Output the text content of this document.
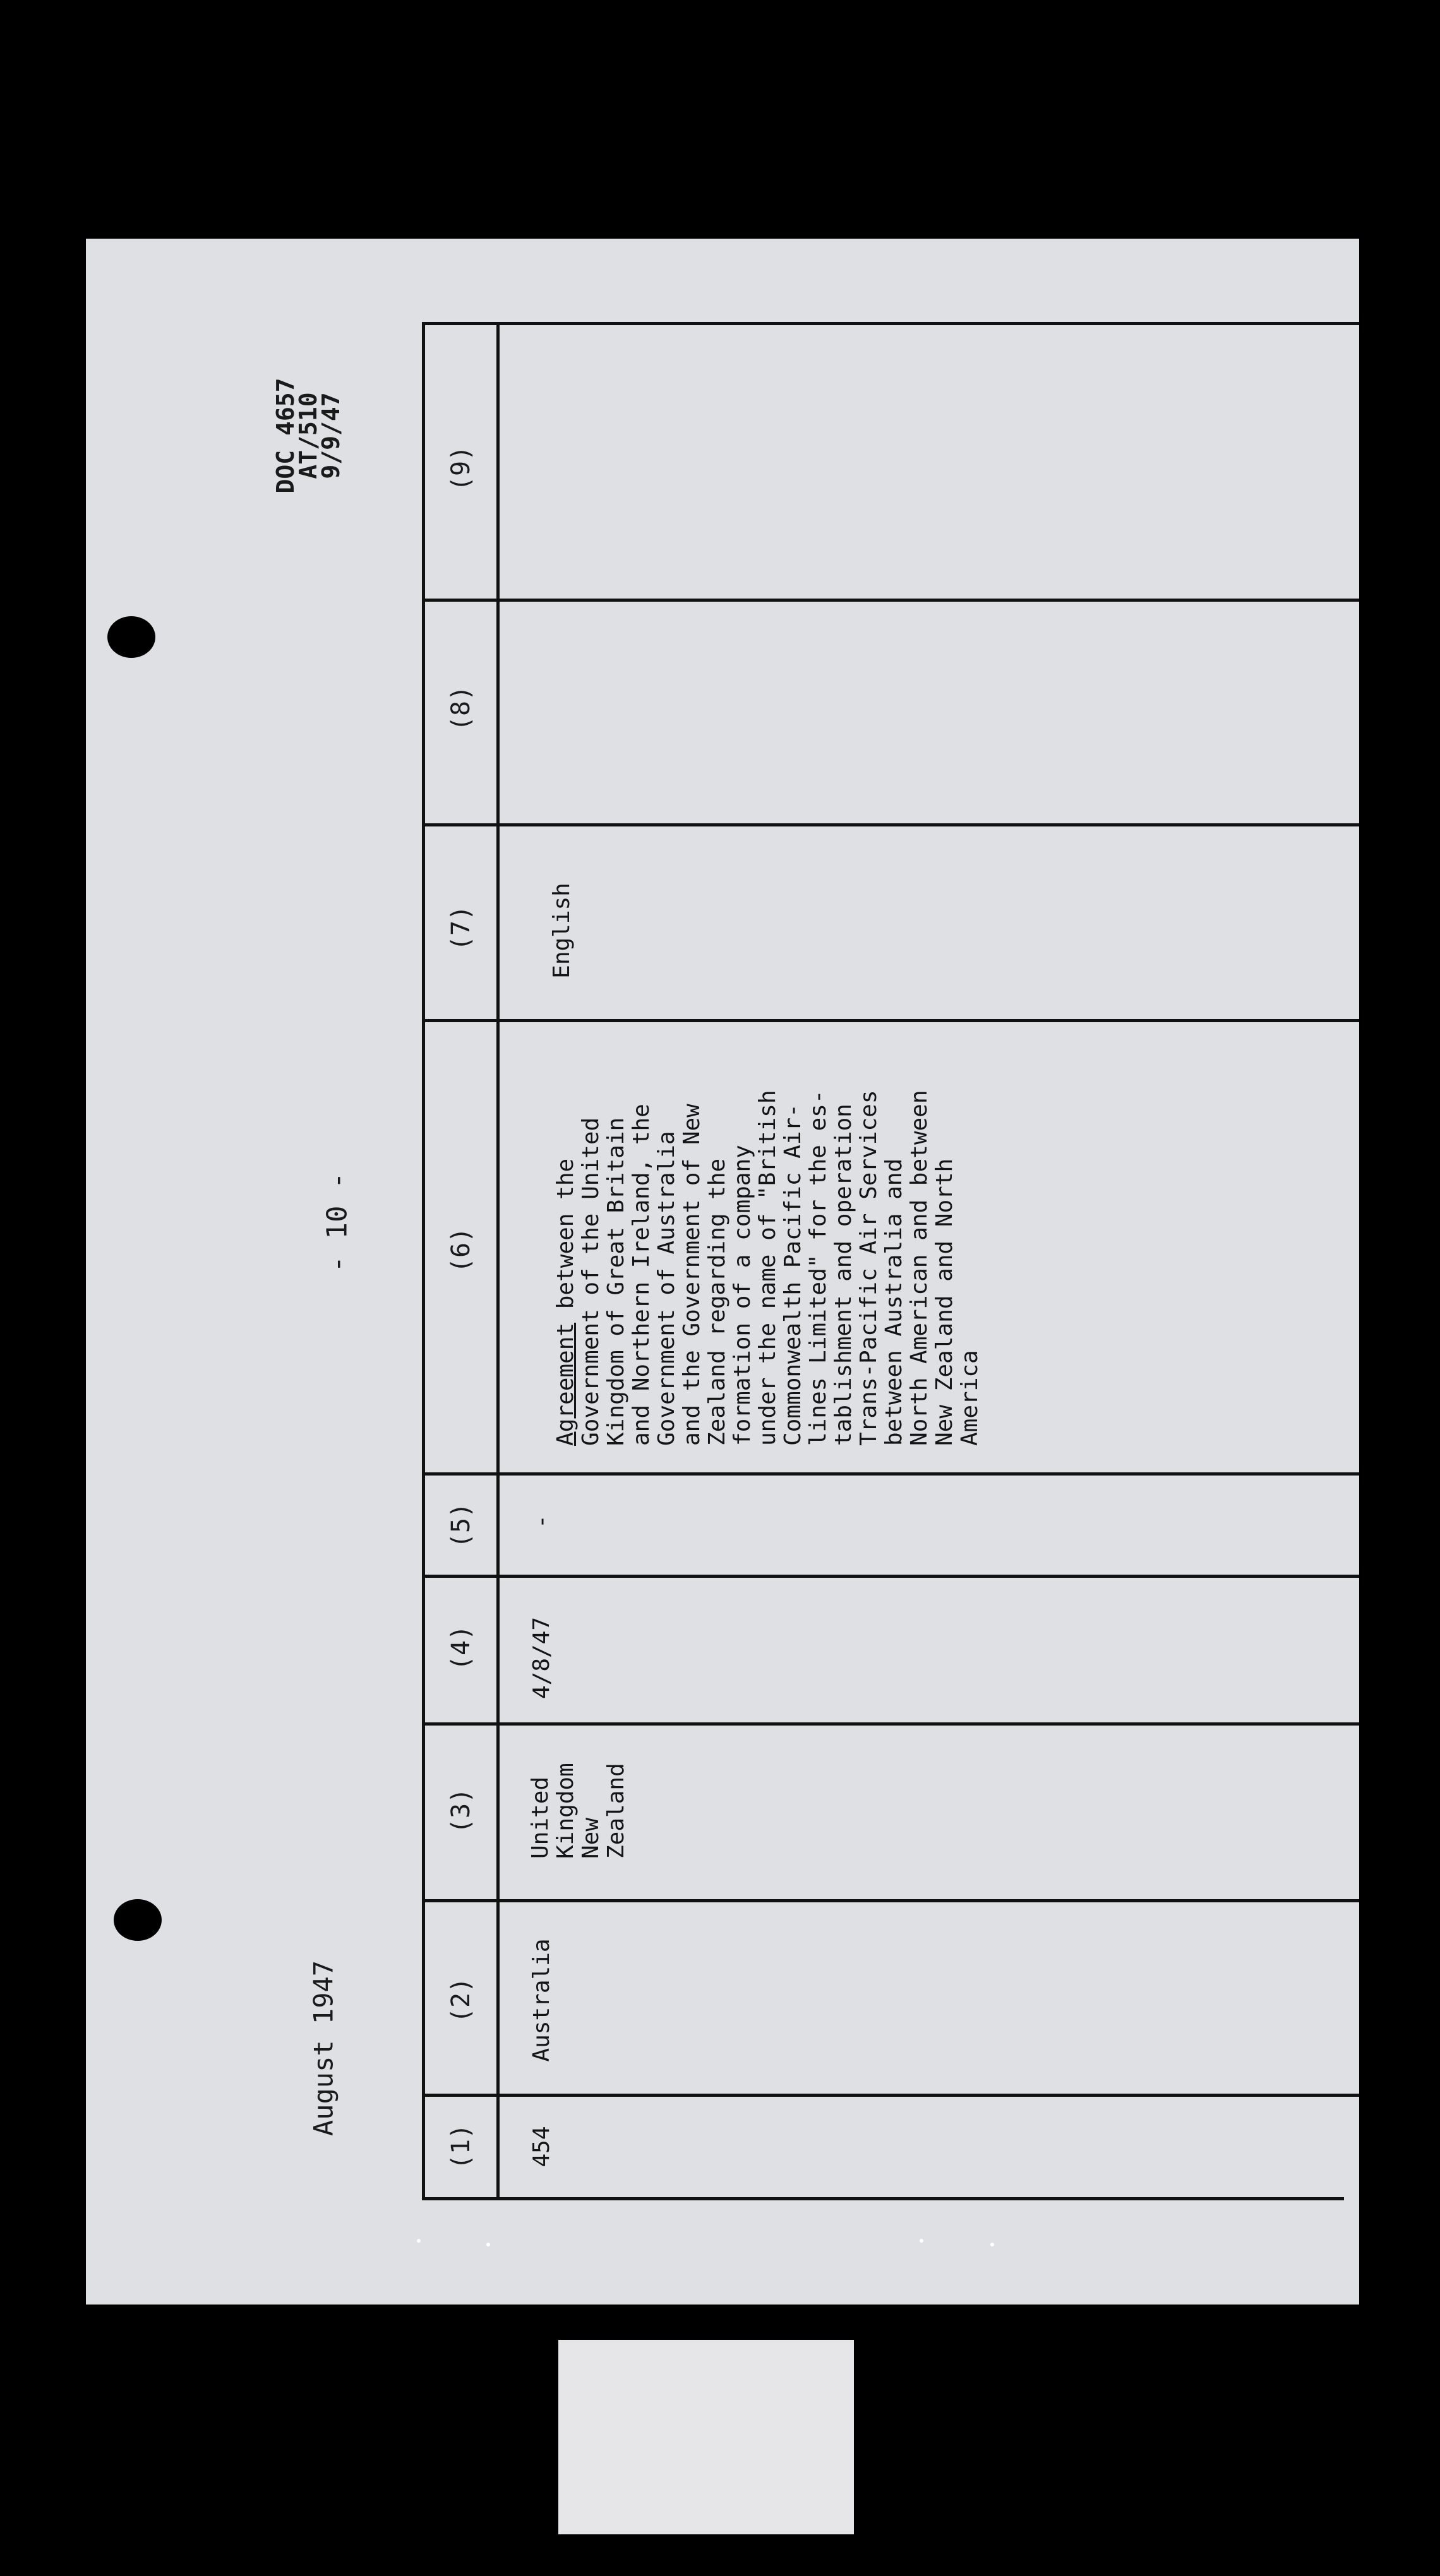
DOC 4657
AT/510
9/9/47
- 10 -
August 1947
(9)
(8)
(7)
(6)
(5)
(4)
(3)
(2)
(1) 454
Australia
United Kingdom New Zealand
4/8/47
-
Agreement between the Government of the United Kingdom of Great Britain and Northern Ireland, the Government of Australia and the Government of New Zealand regarding the formation of a company under the name of "British Commonwealth Pacific Air- lines Limited" for the es- tablishment and operation Trans-Pacific Air Services between Australia and North American and between New Zealand and North America
English
